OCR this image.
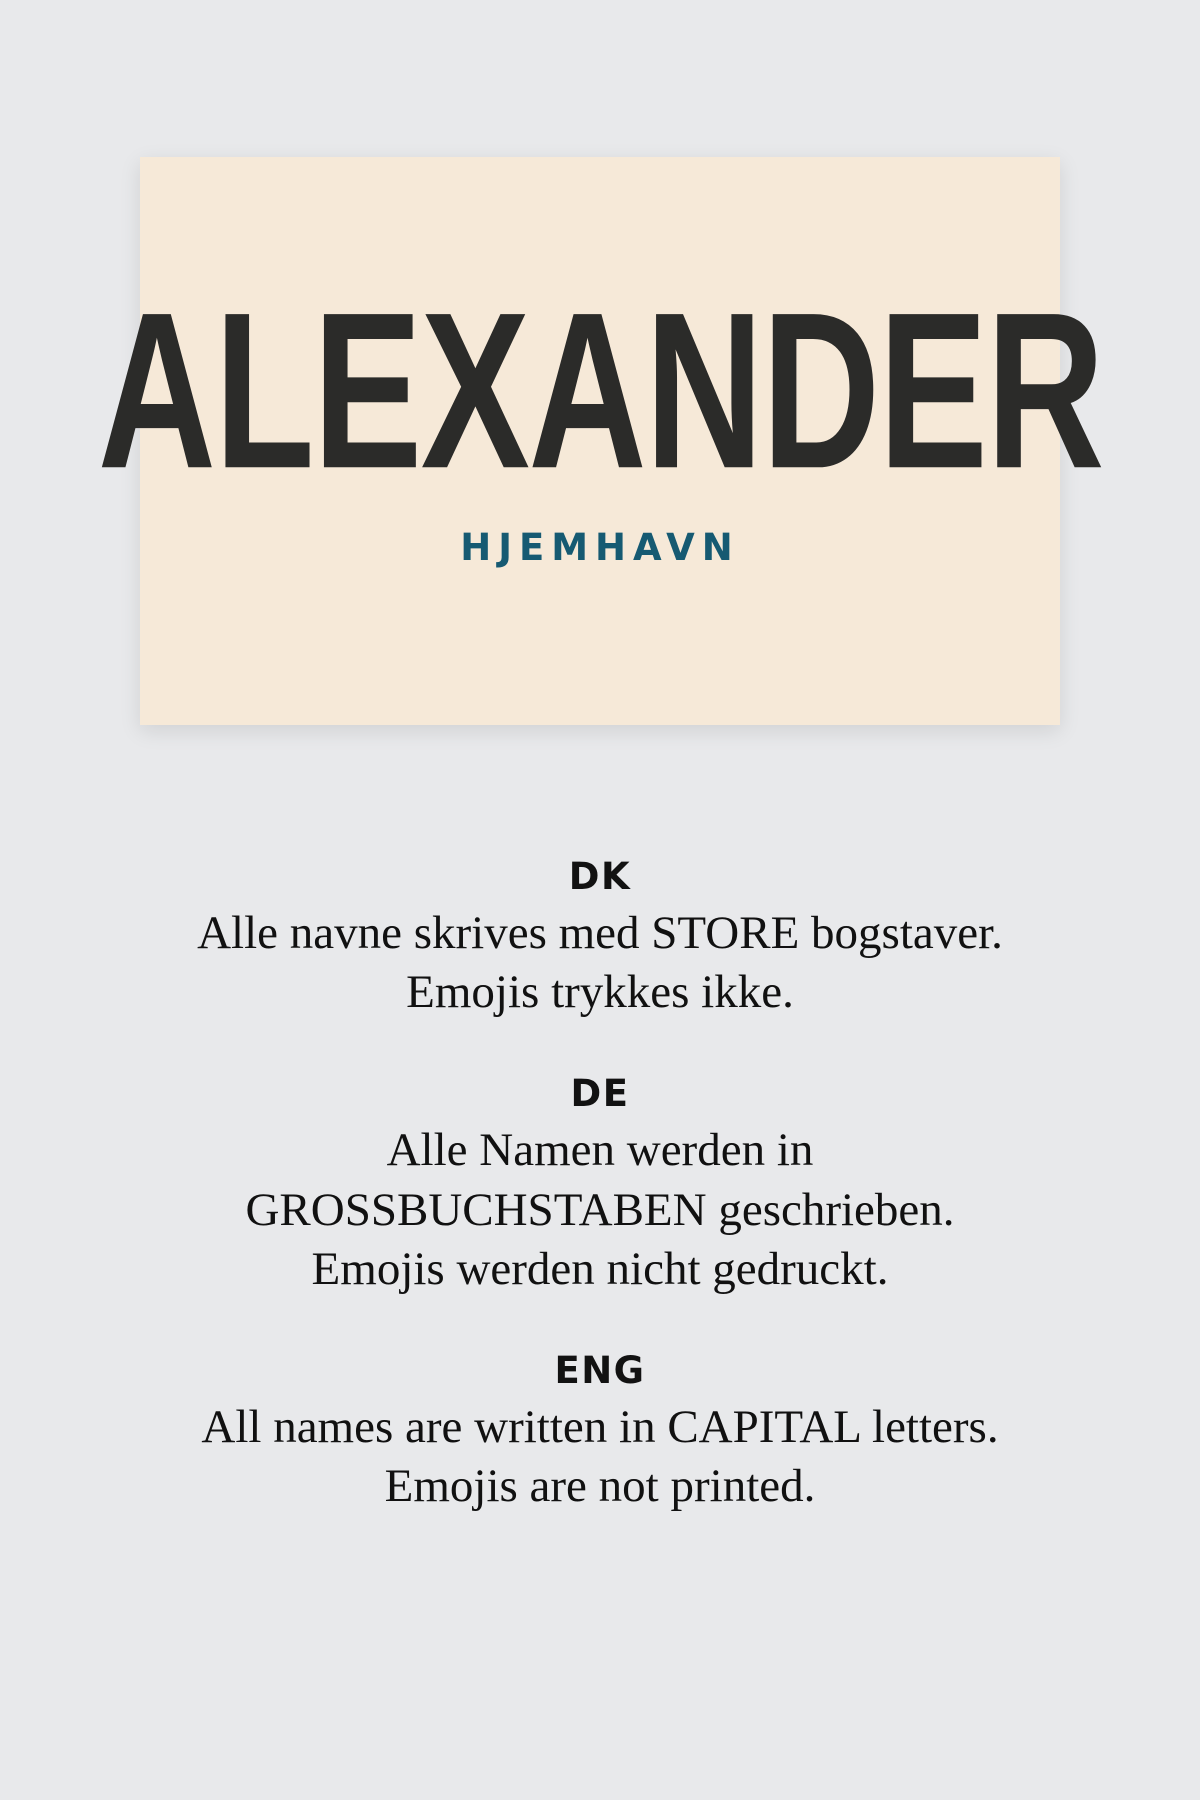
ALEXANDER
HJEMHAVN

DK

Alle navne skrives med STORE bogstaver.
Emojis trykkes ikke.

DE

Alle Namen werden in
GROSSBUCHSTABEN geschrieben.
Emojis werden nicht gedruckt.

ENG

All names are written in CAPITAL letters.
Emojis are not printed.
